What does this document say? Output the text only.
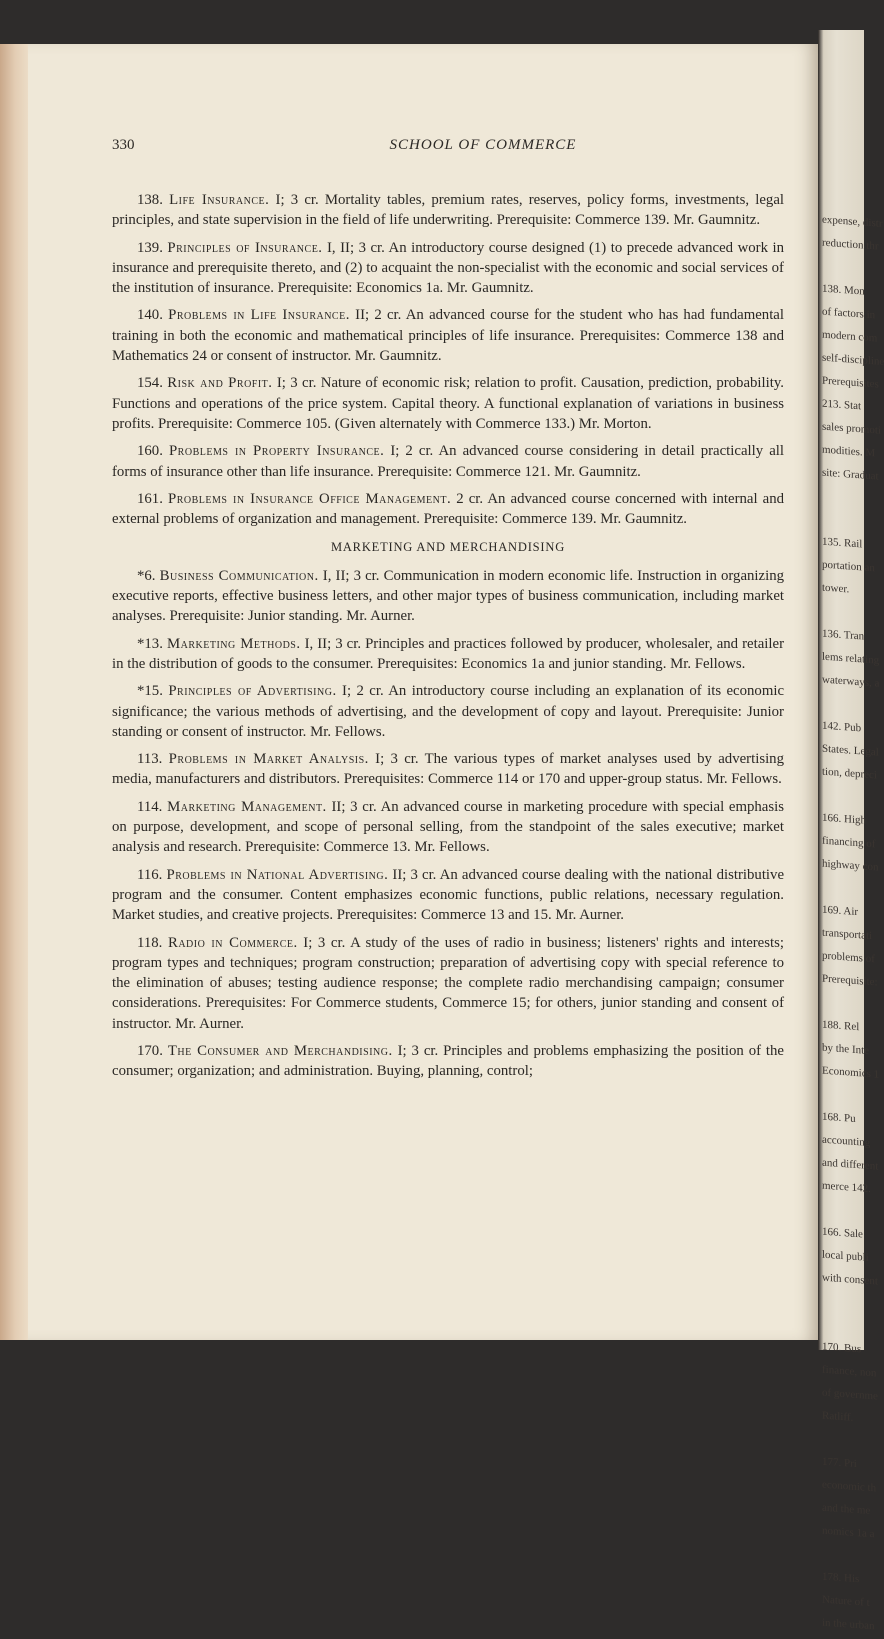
expense, distr
reduction thr

138. Mon
of factors in
modern com
self-discipline
Prerequisites
213. Stat
sales promoti
modities. M
site: Graduat

135. Rail
portation an
tower.

136. Tran
lems relating
waterways, a

142. Pub
States. Legal
tion, depreci

166. High
financing of
highway con

169. Air
transportati
problems of
Prerequisite:

188. Rel
by the Inte
Economics 1

168. Pu
accounting
and different
merce 142.

166. Sale
local publi
with consent

170. Bus
finance, non
of governme
Ratliff.

177. Pri
economic th
and the me
nomics 1a a

178. His
Nature of t
in the urban
330	SCHOOL OF COMMERCE

138. Life Insurance. I; 3 cr. Mortality tables, premium rates, reserves, policy forms, investments, legal principles, and state supervision in the field of life underwriting. Prerequisite: Commerce 139. Mr. Gaumnitz.

139. Principles of Insurance. I, II; 3 cr. An introductory course designed (1) to precede advanced work in insurance and prerequisite thereto, and (2) to acquaint the non-specialist with the economic and social services of the institution of insurance. Prerequisite: Economics 1a. Mr. Gaumnitz.

140. Problems in Life Insurance. II; 2 cr. An advanced course for the student who has had fundamental training in both the economic and mathematical principles of life insurance. Prerequisites: Commerce 138 and Mathematics 24 or consent of instructor. Mr. Gaumnitz.

154. Risk and Profit. I; 3 cr. Nature of economic risk; relation to profit. Causation, prediction, probability. Functions and operations of the price system. Capital theory. A functional explanation of variations in business profits. Prerequisite: Commerce 105. (Given alternately with Commerce 133.) Mr. Morton.

160. Problems in Property Insurance. I; 2 cr. An advanced course considering in detail practically all forms of insurance other than life insurance. Prerequisite: Commerce 121. Mr. Gaumnitz.

161. Problems in Insurance Office Management. 2 cr. An advanced course concerned with internal and external problems of organization and management. Prerequisite: Commerce 139. Mr. Gaumnitz.

MARKETING AND MERCHANDISING

*6. Business Communication. I, II; 3 cr. Communication in modern economic life. Instruction in organizing executive reports, effective business letters, and other major types of business communication, including market analyses. Prerequisite: Junior standing. Mr. Aurner.

*13. Marketing Methods. I, II; 3 cr. Principles and practices followed by producer, wholesaler, and retailer in the distribution of goods to the consumer. Prerequisites: Economics 1a and junior standing. Mr. Fellows.

*15. Principles of Advertising. I; 2 cr. An introductory course including an explanation of its economic significance; the various methods of advertising, and the development of copy and layout. Prerequisite: Junior standing or consent of instructor. Mr. Fellows.

113. Problems in Market Analysis. I; 3 cr. The various types of market analyses used by advertising media, manufacturers and distributors. Prerequisites: Commerce 114 or 170 and upper-group status. Mr. Fellows.

114. Marketing Management. II; 3 cr. An advanced course in marketing procedure with special emphasis on purpose, development, and scope of personal selling, from the standpoint of the sales executive; market analysis and research. Prerequisite: Commerce 13. Mr. Fellows.

116. Problems in National Advertising. II; 3 cr. An advanced course dealing with the national distributive program and the consumer. Content emphasizes economic functions, public relations, necessary regulation. Market studies, and creative projects. Prerequisites: Commerce 13 and 15. Mr. Aurner.

118. Radio in Commerce. I; 3 cr. A study of the uses of radio in business; listeners' rights and interests; program types and techniques; program construction; preparation of advertising copy with special reference to the elimination of abuses; testing audience response; the complete radio merchandising campaign; consumer considerations. Prerequisites: For Commerce students, Commerce 15; for others, junior standing and consent of instructor. Mr. Aurner.

170. The Consumer and Merchandising. I; 3 cr. Principles and problems emphasizing the position of the consumer; organization; and administration. Buying, planning, control;
